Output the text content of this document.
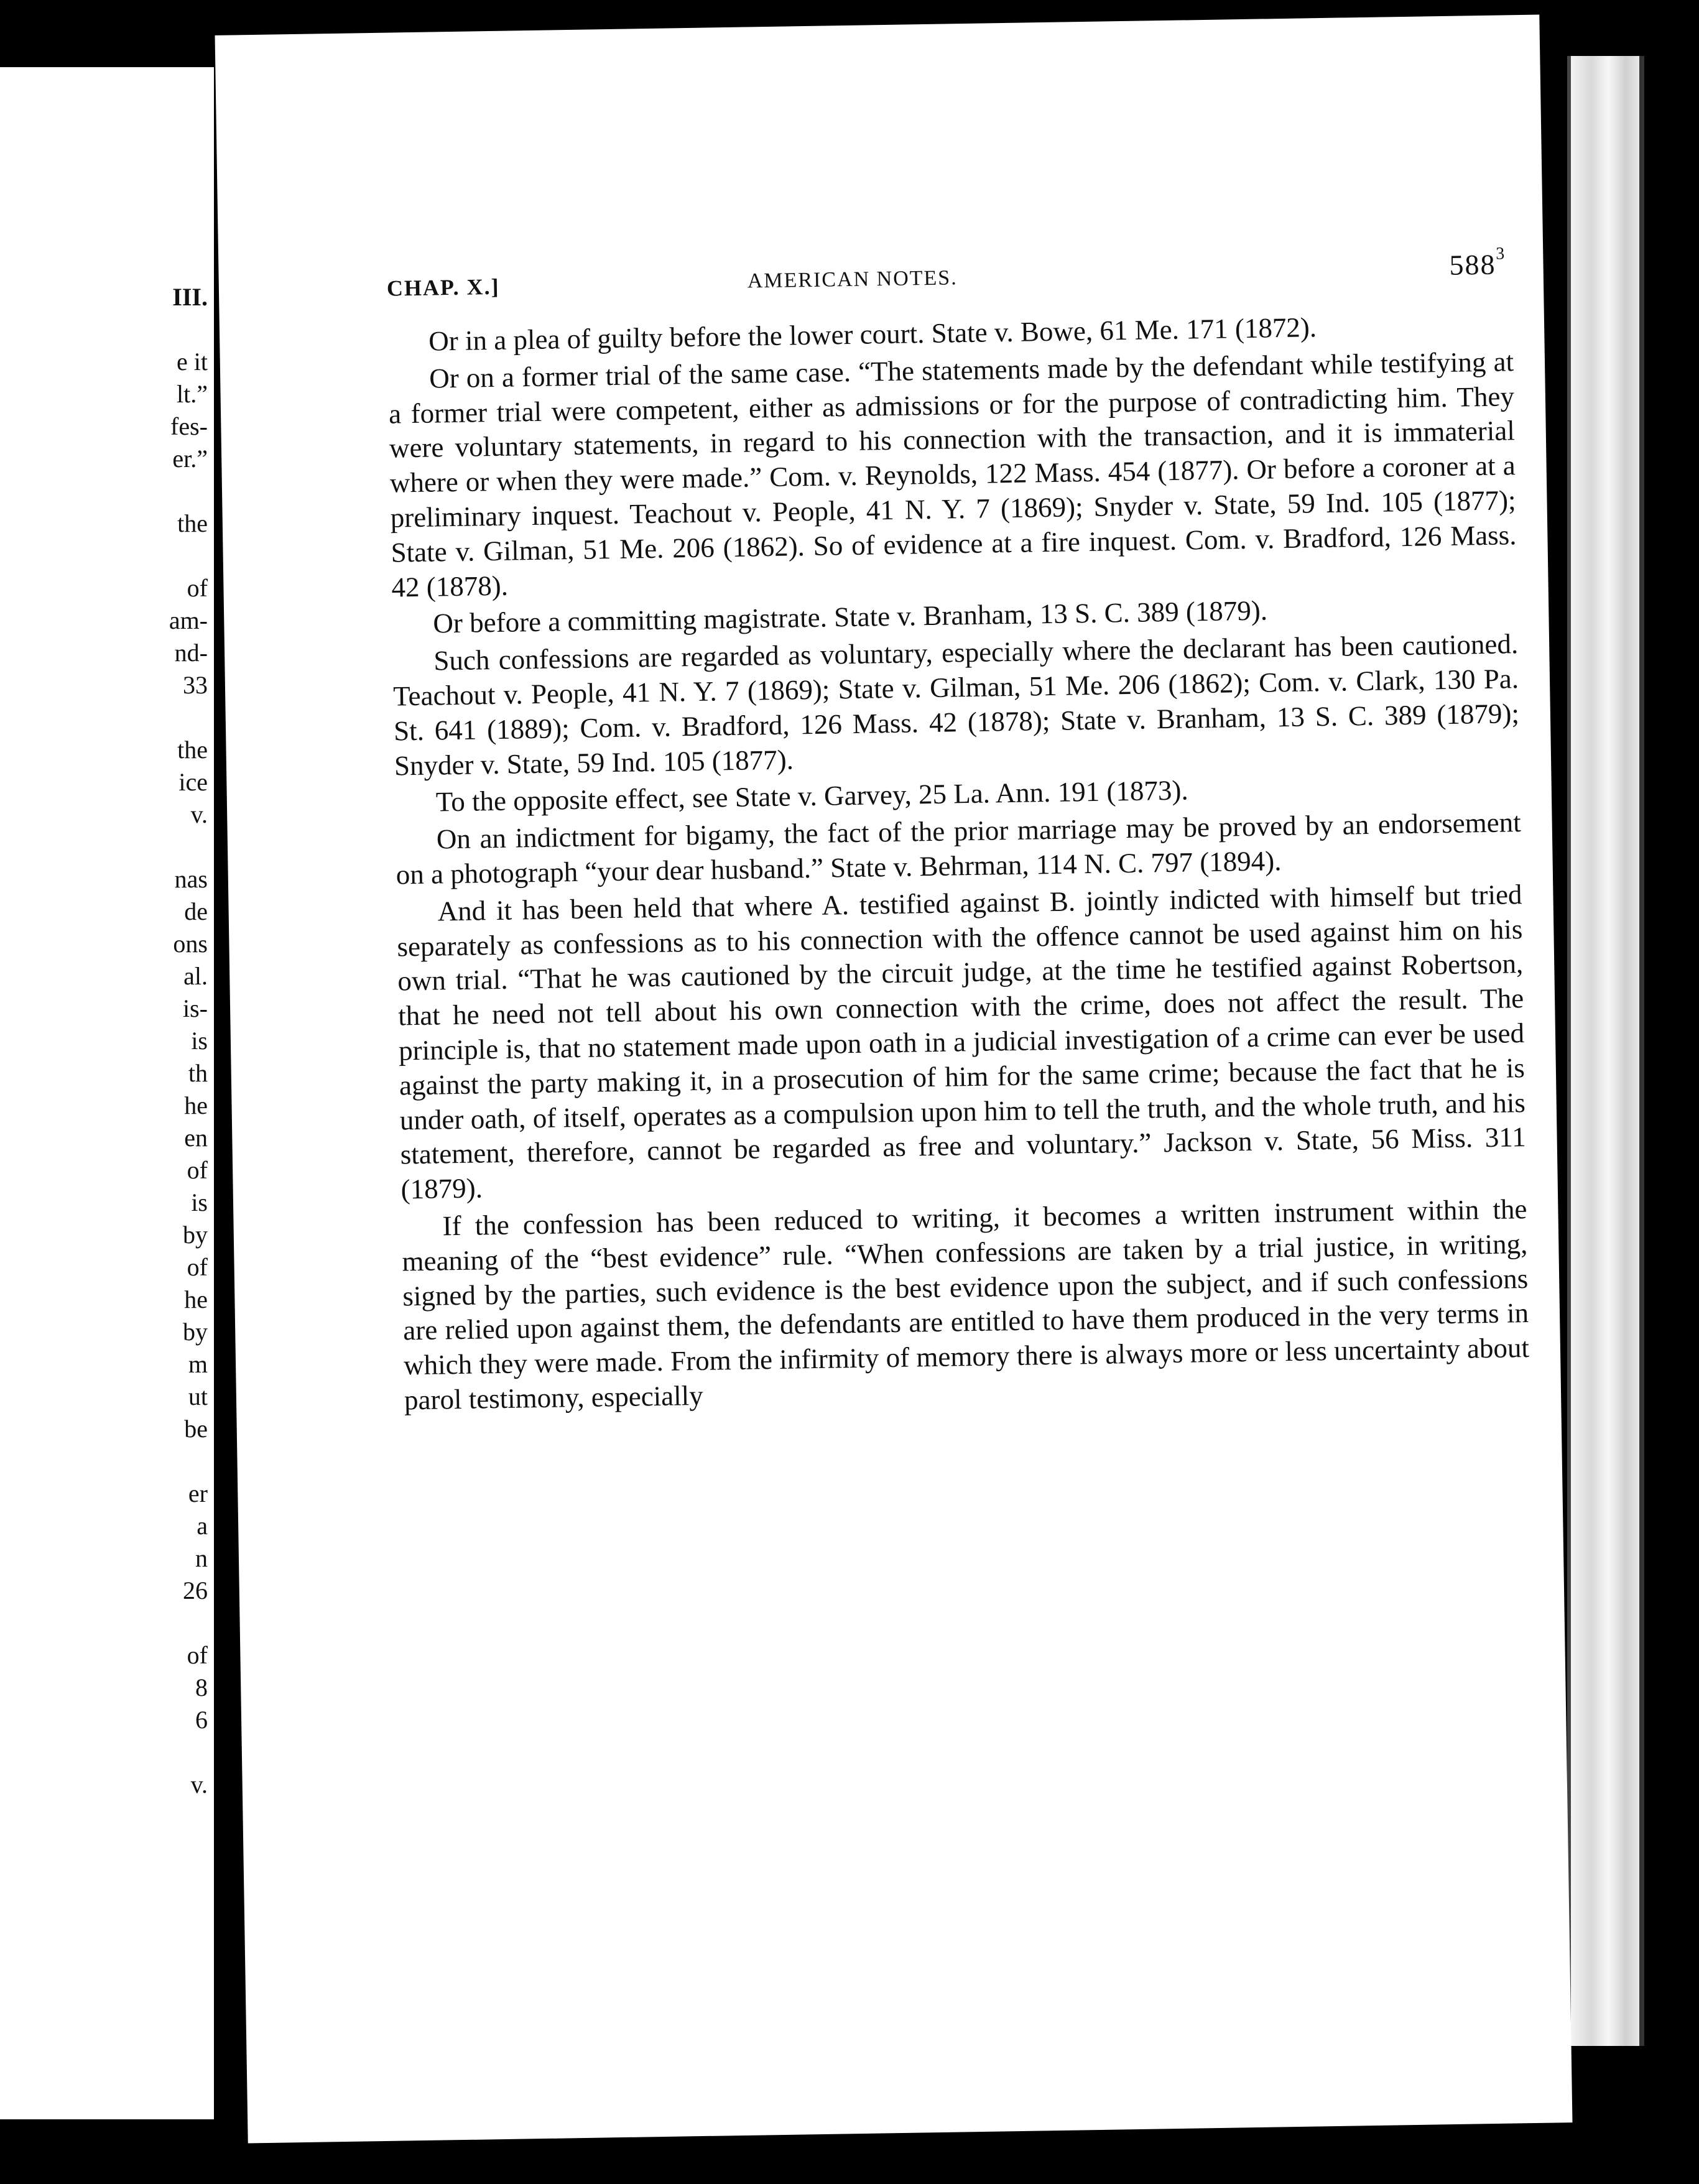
III.
e it
lt.”
fes-
er.”
the
of
am-
nd-
33
the
ice
v.
nas
de
ons
al.
is-
is
th
he
en
of
is
by
of
he
by
m
ut
be
er
a
n
26
of
8
6
v.
CHAP. X.]	AMERICAN NOTES.	$588^3$

Or in a plea of guilty before the lower court. State v. Bowe, 61 Me. 171 (1872).

Or on a former trial of the same case. “The statements made by the defendant while testifying at a former trial were competent, either as admissions or for the purpose of contradicting him. They were voluntary statements, in regard to his connection with the transaction, and it is immaterial where or when they were made.” Com. v. Reynolds, 122 Mass. 454 (1877). Or before a coroner at a preliminary inquest. Teachout v. People, 41 N. Y. 7 (1869); Snyder v. State, 59 Ind. 105 (1877); State v. Gilman, 51 Me. 206 (1862). So of evidence at a fire inquest. Com. v. Bradford, 126 Mass. 42 (1878).

Or before a committing magistrate. State v. Branham, 13 S. C. 389 (1879).

Such confessions are regarded as voluntary, especially where the declarant has been cautioned. Teachout v. People, 41 N. Y. 7 (1869); State v. Gilman, 51 Me. 206 (1862); Com. v. Clark, 130 Pa. St. 641 (1889); Com. v. Bradford, 126 Mass. 42 (1878); State v. Branham, 13 S. C. 389 (1879); Snyder v. State, 59 Ind. 105 (1877).

To the opposite effect, see State v. Garvey, 25 La. Ann. 191 (1873).

On an indictment for bigamy, the fact of the prior marriage may be proved by an endorsement on a photograph “your dear husband.” State v. Behrman, 114 N. C. 797 (1894).

And it has been held that where A. testified against B. jointly indicted with himself but tried separately as confessions as to his connection with the offence cannot be used against him on his own trial. “That he was cautioned by the circuit judge, at the time he testified against Robertson, that he need not tell about his own connection with the crime, does not affect the result. The principle is, that no statement made upon oath in a judicial investigation of a crime can ever be used against the party making it, in a prosecution of him for the same crime; because the fact that he is under oath, of itself, operates as a compulsion upon him to tell the truth, and the whole truth, and his statement, therefore, cannot be regarded as free and voluntary.” Jackson v. State, 56 Miss. 311 (1879).

If the confession has been reduced to writing, it becomes a written instrument within the meaning of the “best evidence” rule. “When confessions are taken by a trial justice, in writing, signed by the parties, such evidence is the best evidence upon the subject, and if such confessions are relied upon against them, the defendants are entitled to have them produced in the very terms in which they were made. From the infirmity of memory there is always more or less uncertainty about parol testimony, especially
